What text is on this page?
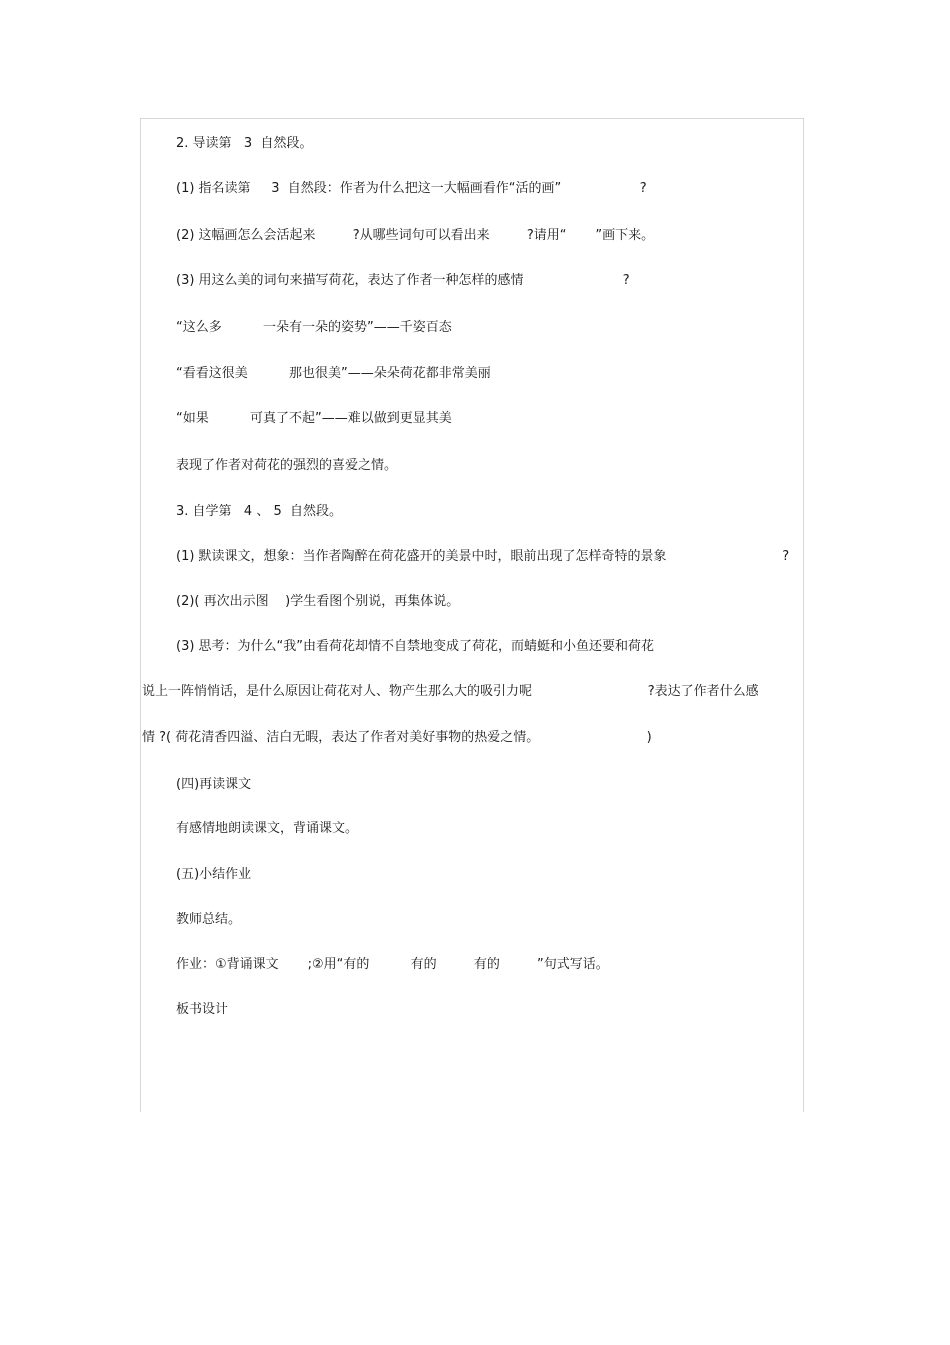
2. 导读第   3  自然段。
(1) 指名读第     3  自然段：作者为什么把这一大幅画看作“活的画”                   ?
(2) 这幅画怎么会活起来         ?从哪些词句可以看出来         ?请用“       ”画下来。
(3) 用这么美的词句来描写荷花，表达了作者一种怎样的感情                        ?
“这么多          一朵有一朵的姿势”——千姿百态
“看看这很美          那也很美”——朵朵荷花都非常美丽
“如果          可真了不起”——难以做到更显其美
表现了作者对荷花的强烈的喜爱之情。
3. 自学第   4 、 5  自然段。
(1) 默读课文，想象：当作者陶醉在荷花盛开的美景中时，眼前出现了怎样奇特的景象                            ?
(2)( 再次出示图    )学生看图个别说，再集体说。
(3) 思考：为什么“我”由看荷花却情不自禁地变成了荷花，而蜻蜓和小鱼还要和荷花
说上一阵悄悄话，是什么原因让荷花对人、物产生那么大的吸引力呢                            ?表达了作者什么感
情 ?( 荷花清香四溢、洁白无暇，表达了作者对美好事物的热爱之情。                          )
(四)再读课文
有感情地朗读课文，背诵课文。
(五)小结作业
教师总结。
作业：①背诵课文       ;②用“有的          有的         有的         ”句式写话。
板书设计
